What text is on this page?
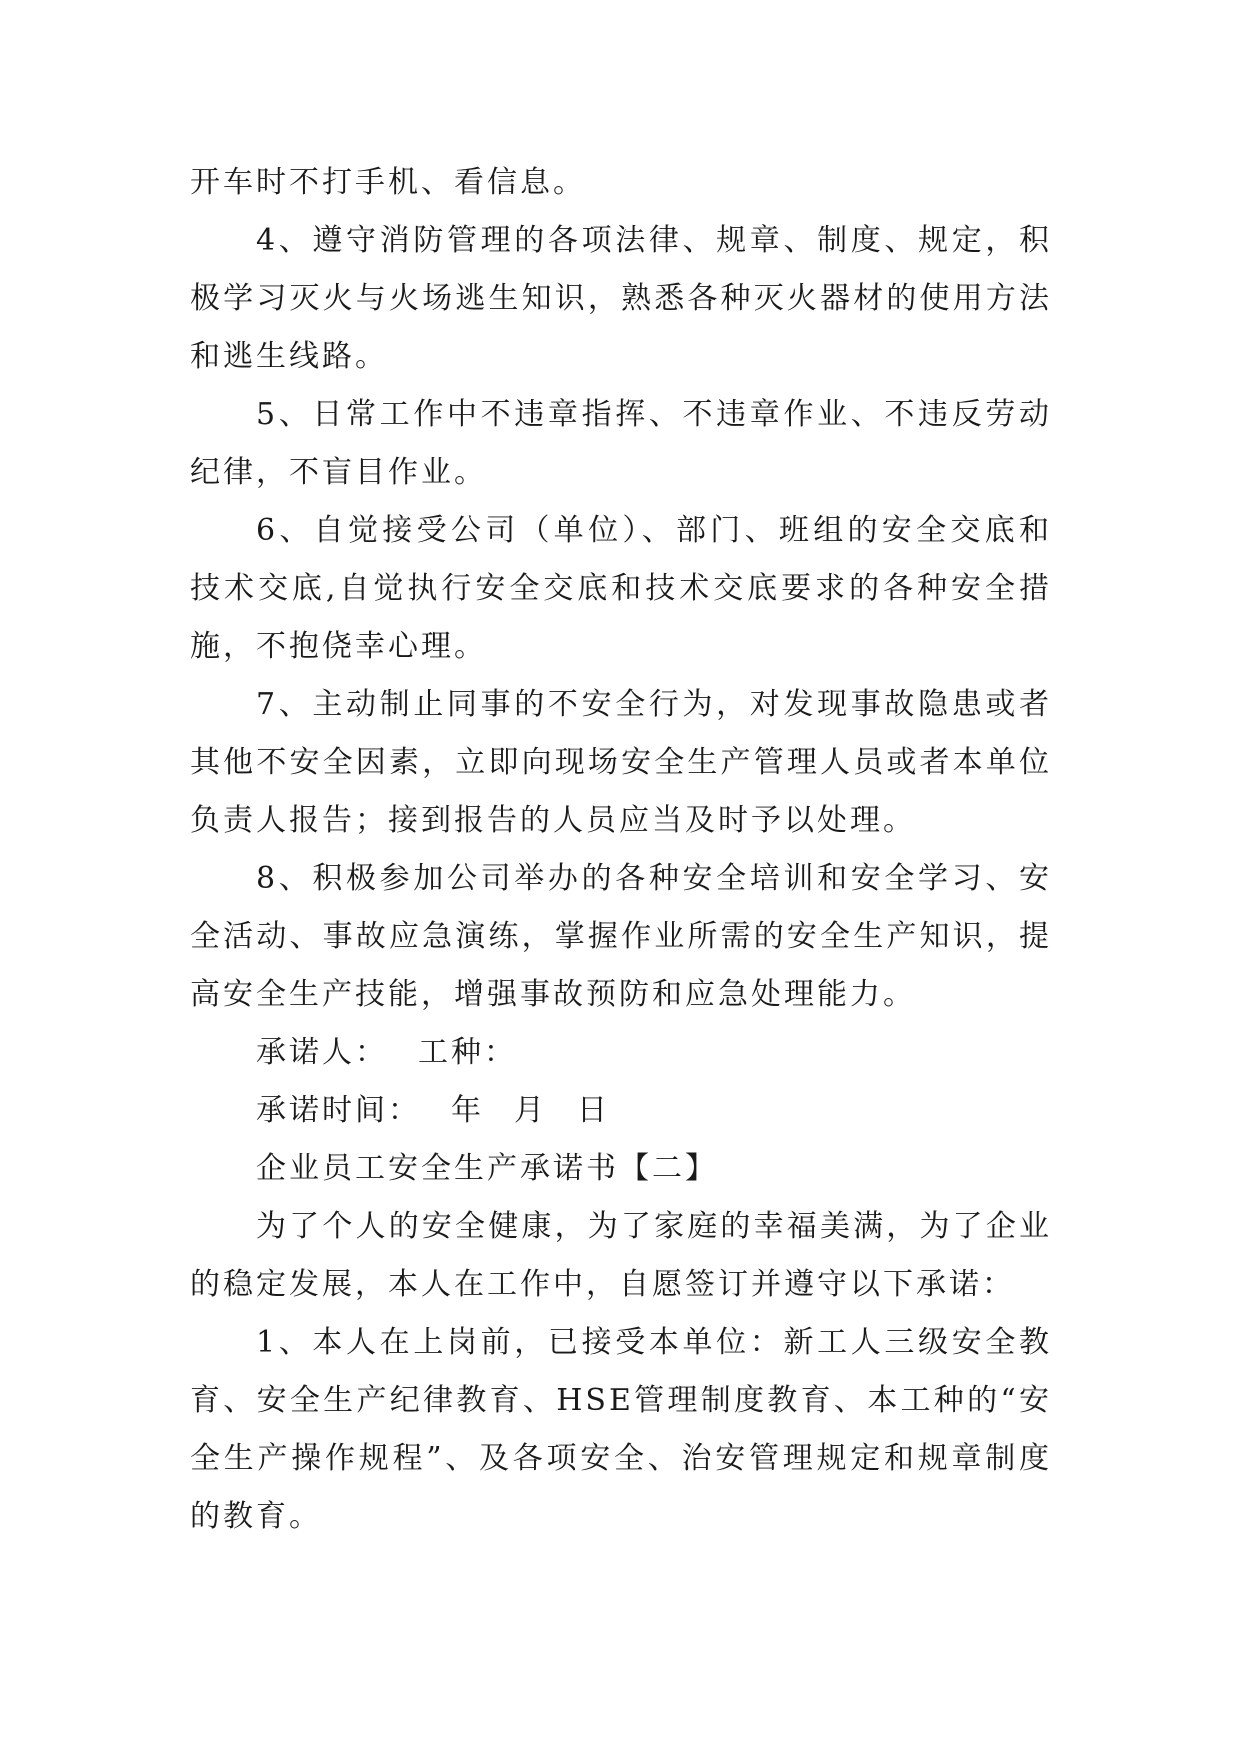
开车时不打手机、看信息。

4、遵守消防管理的各项法律、规章、制度、规定，积极学习灭火与火场逃生知识，熟悉各种灭火器材的使用方法和逃生线路。

5、日常工作中不违章指挥、不违章作业、不违反劳动纪律，不盲目作业。

6、自觉接受公司（单位）、部门、班组的安全交底和技术交底,自觉执行安全交底和技术交底要求的各种安全措施，不抱侥幸心理。

7、主动制止同事的不安全行为，对发现事故隐患或者其他不安全因素，立即向现场安全生产管理人员或者本单位负责人报告；接到报告的人员应当及时予以处理。

8、积极参加公司举办的各种安全培训和安全学习、安全活动、事故应急演练，掌握作业所需的安全生产知识，提高安全生产技能，增强事故预防和应急处理能力。

承诺人： 工种：

承诺时间： 年 月 日

企业员工安全生产承诺书【二】

为了个人的安全健康，为了家庭的幸福美满，为了企业的稳定发展，本人在工作中，自愿签订并遵守以下承诺：

1、本人在上岗前，已接受本单位：新工人三级安全教育、安全生产纪律教育、HSE管理制度教育、本工种的“安全生产操作规程”、及各项安全、治安管理规定和规章制度的教育。
